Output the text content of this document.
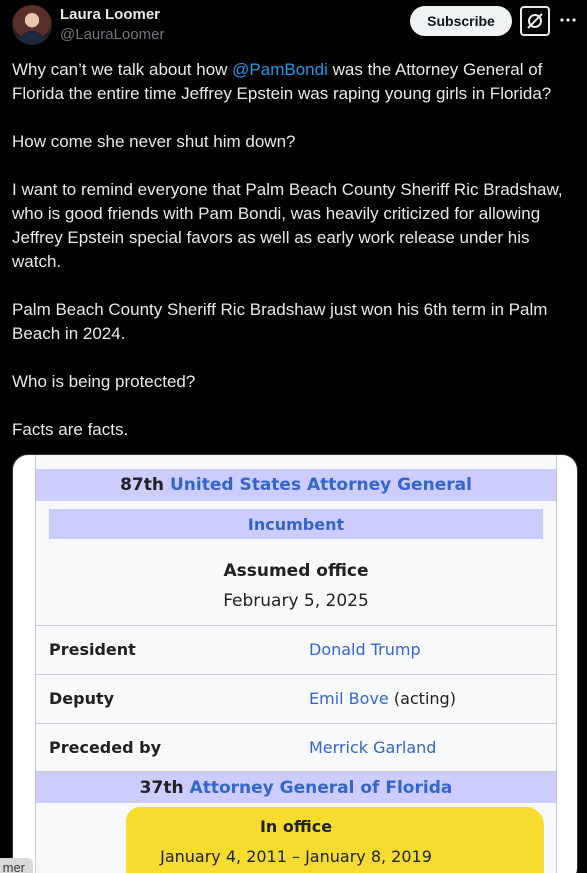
Laura Loomer
@LauraLoomer
Subscribe
Why can’t we talk about how @PamBondi was the Attorney General of Florida the entire time Jeffrey Epstein was raping young girls in Florida?

How come she never shut him down?

I want to remind everyone that Palm Beach County Sheriff Ric Bradshaw, who is good friends with Pam Bondi, was heavily criticized for allowing Jeffrey Epstein special favors as well as early work release under his watch.

Palm Beach County Sheriff Ric Bradshaw just won his 6th term in Palm Beach in 2024.

Who is being protected?

Facts are facts.
87th United States Attorney General
Incumbent
Assumed office
February 5, 2025
President	Donald Trump
Deputy	Emil Bove (acting)
Preceded by	Merrick Garland
37th Attorney General of Florida
In office
January 4, 2011 – January 8, 2019
mer
